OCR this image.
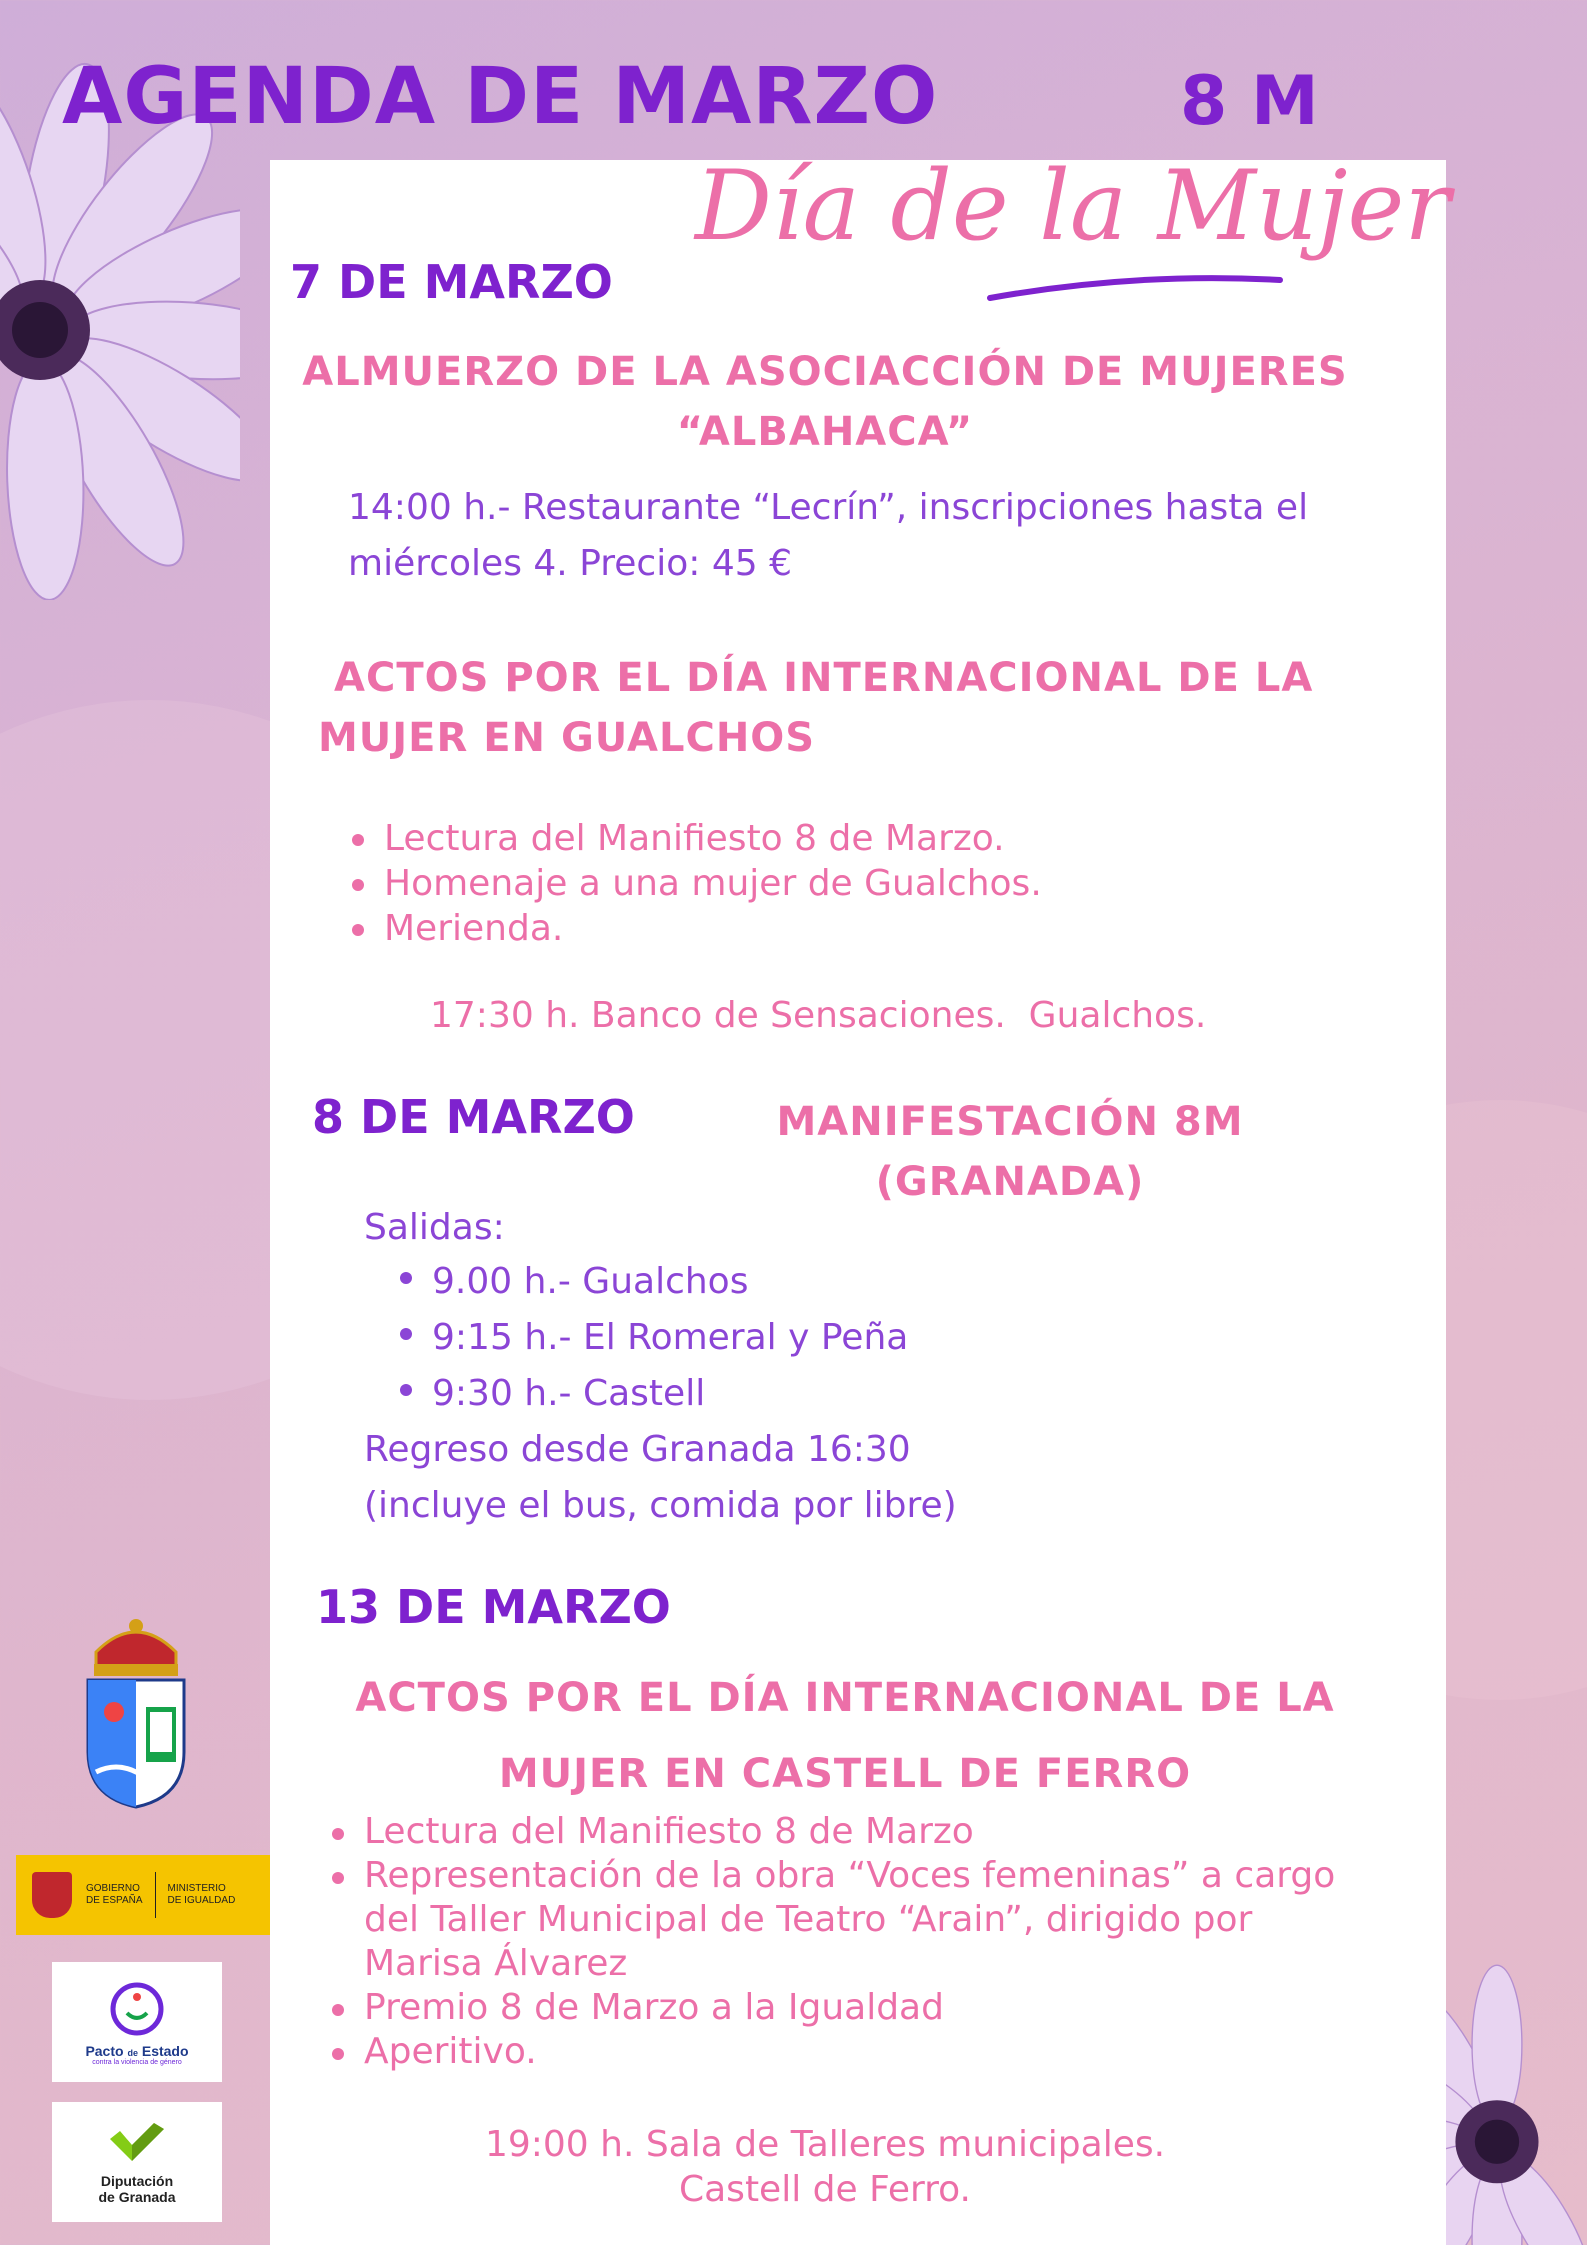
AGENDA DE MARZO	8 M
Día de la Mujer
7 DE MARZO
ALMUERZO DE LA ASOCIACCIÓN DE MUJERES
“ALBAHACA”
14:00 h.- Restaurante “Lecrín”, inscripciones hasta el
miércoles 4. Precio: 45 €
ACTOS POR EL DÍA INTERNACIONAL DE LA
MUJER EN GUALCHOS
Lectura del Manifiesto 8 de Marzo.
Homenaje a una mujer de Gualchos.
Merienda.
17:30 h. Banco de Sensaciones.  Gualchos.
8 DE MARZO	MANIFESTACIÓN 8M
(GRANADA)
Salidas:
9.00 h.- Gualchos
9:15 h.- El Romeral y Peña
9:30 h.- Castell
Regreso desde Granada 16:30
(incluye el bus, comida por libre)
13 DE MARZO
ACTOS POR EL DÍA INTERNACIONAL DE LA
MUJER EN CASTELL DE FERRO
Lectura del Manifiesto 8 de Marzo
Representación de la obra “Voces femeninas” a cargo del Taller Municipal de Teatro “Arain”, dirigido por Marisa Álvarez
Premio 8 de Marzo a la Igualdad
Aperitivo.
19:00 h. Sala de Talleres municipales.
Castell de Ferro.
GOBIERNO
DE ESPAÑA
MINISTERIO
DE IGUALDAD
Pacto de Estado
contra la violencia de género
Diputación
de Granada
